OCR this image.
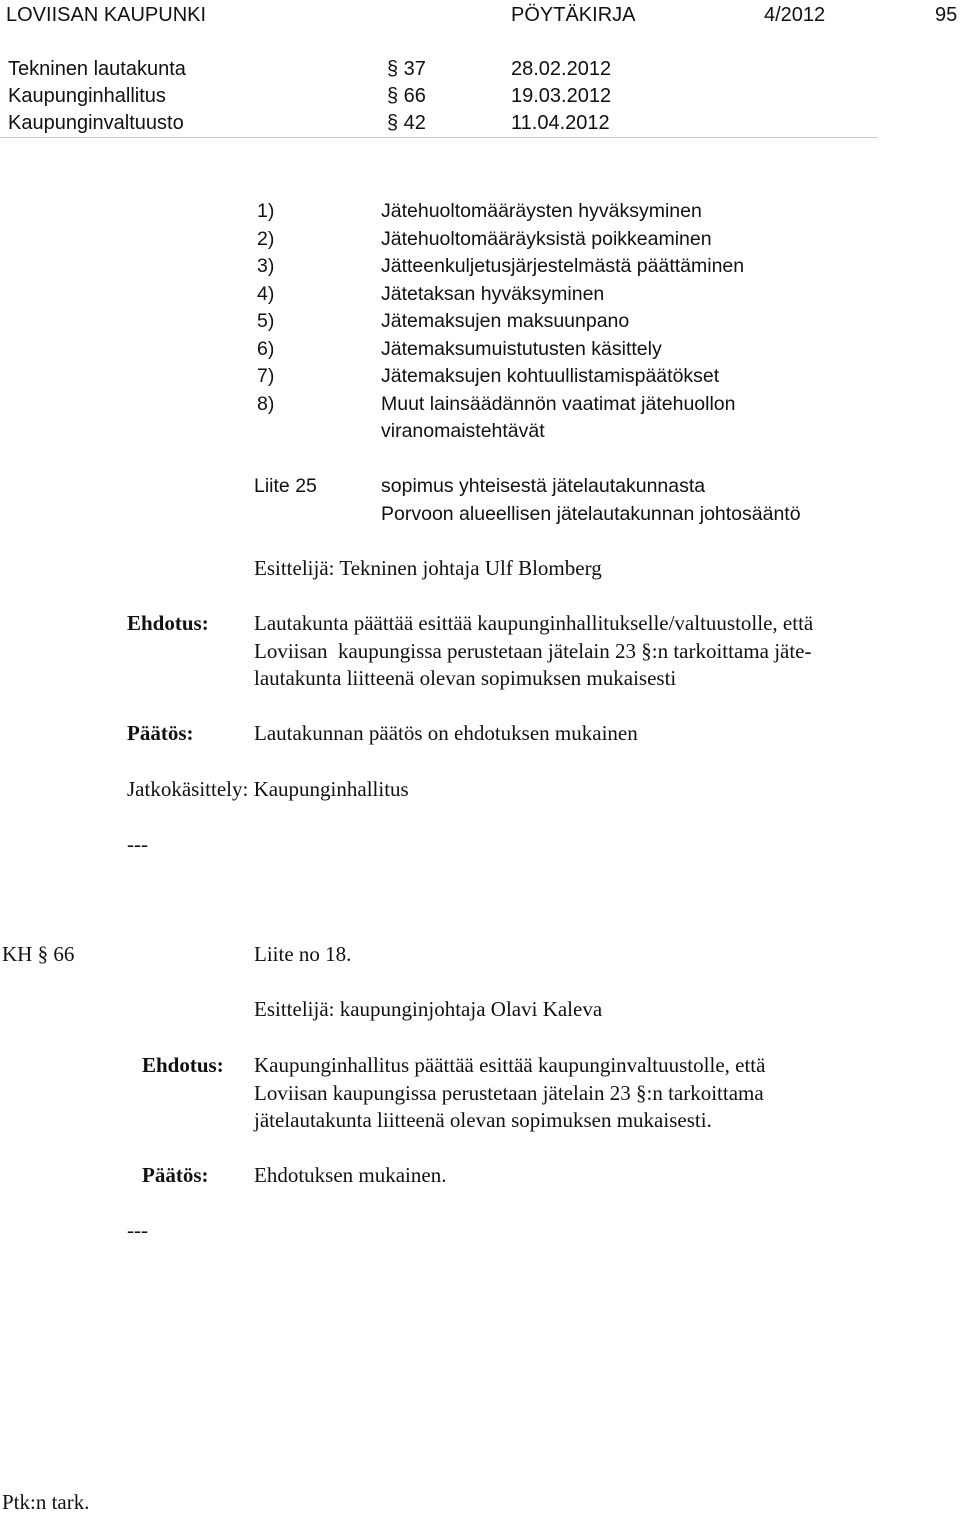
LOVIISAN KAUPUNKI	PÖYTÄKIRJA	4/2012	95
Tekninen lautakunta	§ 37	28.02.2012
Kaupunginhallitus	§ 66	19.03.2012
Kaupunginvaltuusto	§ 42	11.04.2012
1)	Jätehuoltomääräysten hyväksyminen
2)	Jätehuoltomääräyksistä poikkeaminen
3)	Jätteenkuljetusjärjestelmästä päättäminen
4)	Jätetaksan hyväksyminen
5)	Jätemaksujen maksuunpano
6)	Jätemaksumuistutusten käsittely
7)	Jätemaksujen kohtuullistamispäätökset
8)	Muut lainsäädännön vaatimat jätehuollon
viranomaistehtävät
Liite 25	sopimus yhteisestä jätelautakunnasta
Porvoon alueellisen jätelautakunnan johtosääntö
Esittelijä: Tekninen johtaja Ulf Blomberg
Ehdotus: Lautakunta päättää esittää kaupunginhallitukselle/valtuustolle, että
Loviisan  kaupungissa perustetaan jätelain 23 §:n tarkoittama jäte-
lautakunta liitteenä olevan sopimuksen mukaisesti
Päätös:	Lautakunnan päätös on ehdotuksen mukainen
Jatkokäsittely: Kaupunginhallitus
---
KH § 66	Liite no 18.
Esittelijä: kaupunginjohtaja Olavi Kaleva
Ehdotus: Kaupunginhallitus päättää esittää kaupunginvaltuustolle, että
Loviisan kaupungissa perustetaan jätelain 23 §:n tarkoittama
jätelautakunta liitteenä olevan sopimuksen mukaisesti.
Päätös: Ehdotuksen mukainen.
---
Ptk:n tark.
